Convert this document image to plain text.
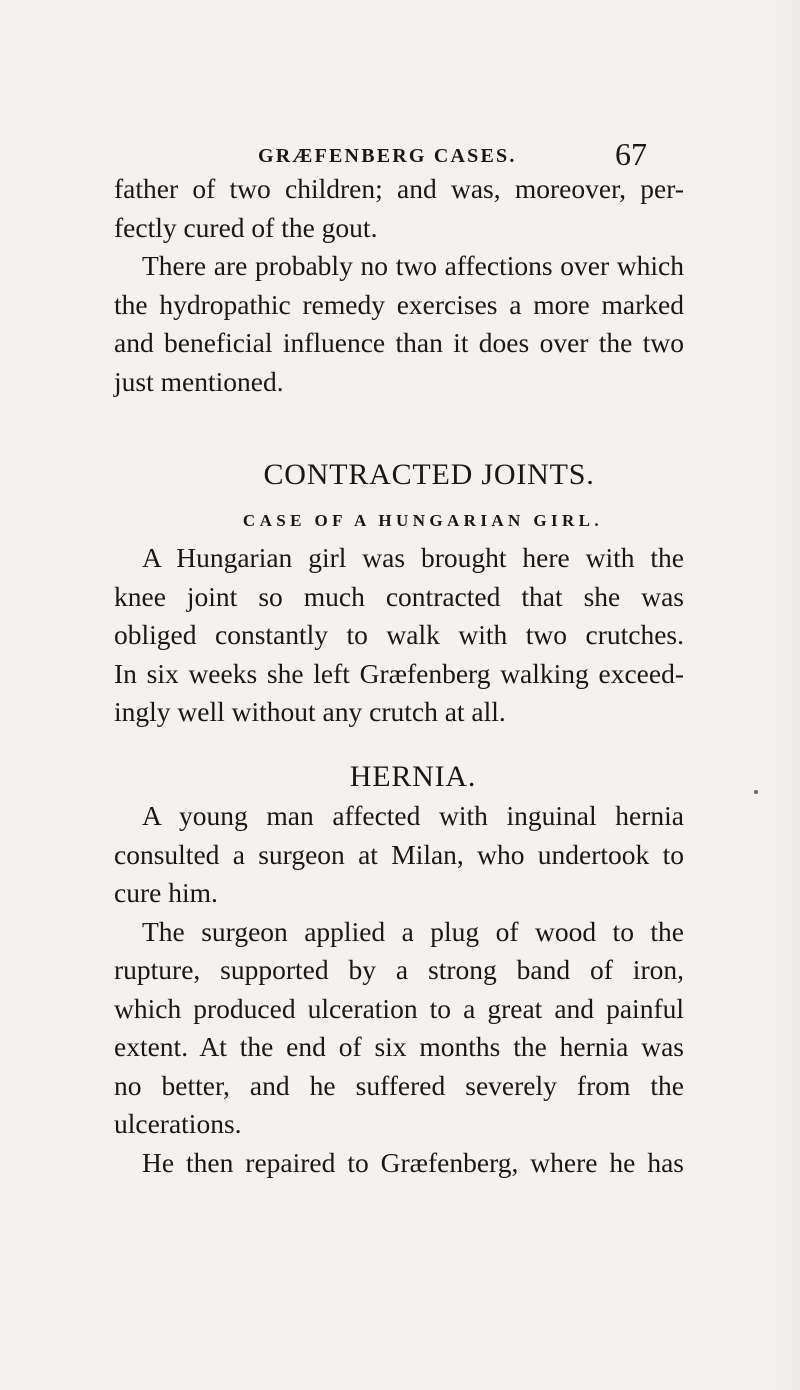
GRÆFENBERG CASES.	67
father of two children; and was, moreover, per-
fectly cured of the gout.
There are probably no two affections over which
the hydropathic remedy exercises a more marked
and beneficial influence than it does over the two
just mentioned.
CONTRACTED JOINTS.
CASE OF A HUNGARIAN GIRL.
A Hungarian girl was brought here with the
knee joint so much contracted that she was
obliged constantly to walk with two crutches.
In six weeks she left Græfenberg walking exceed-
ingly well without any crutch at all.
HERNIA.
A young man affected with inguinal hernia
consulted a surgeon at Milan, who undertook to
cure him.
The surgeon applied a plug of wood to the
rupture, supported by a strong band of iron,
which produced ulceration to a great and painful
extent. At the end of six months the hernia was
no better, and he suffered severely from the
ulcerations.
He then repaired to Græfenberg, where he has
